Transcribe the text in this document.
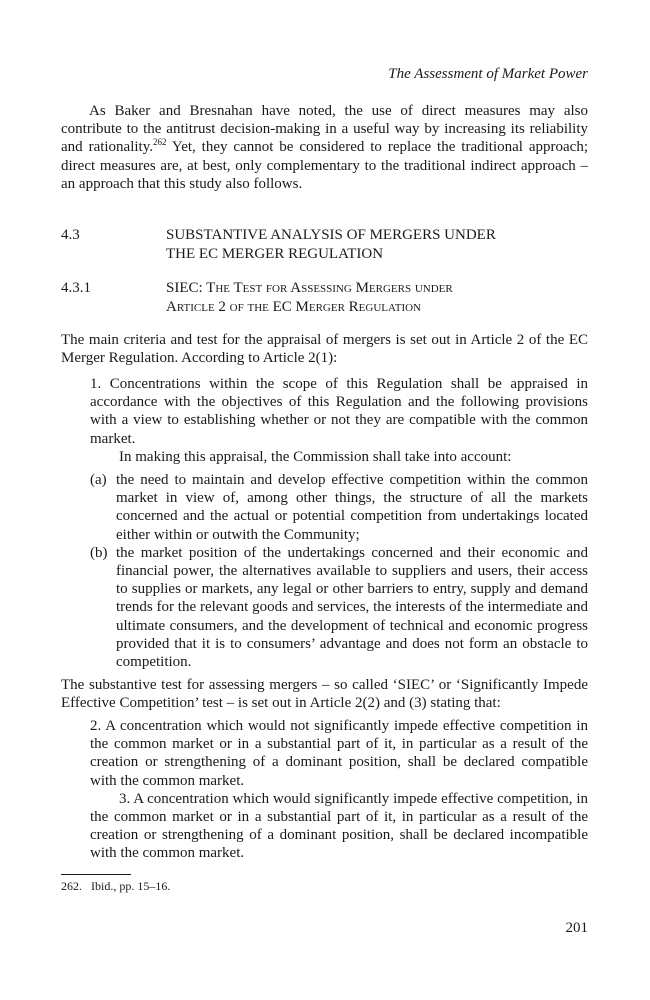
The Assessment of Market Power

As Baker and Bresnahan have noted, the use of direct measures may also contribute to the antitrust decision-making in a useful way by increasing its reliability and rationality.$^{262}$ Yet, they cannot be considered to replace the traditional approach; direct measures are, at best, only complementary to the traditional indirect approach – an approach that this study also follows.

4.3	SUBSTANTIVE ANALYSIS OF MERGERS UNDER
THE EC MERGER REGULATION
4.3.1	SIEC: The Test for Assessing Mergers under
Article 2 of the EC Merger Regulation

The main criteria and test for the appraisal of mergers is set out in Article 2 of the EC Merger Regulation. According to Article 2(1):

1. Concentrations within the scope of this Regulation shall be appraised in accordance with the objectives of this Regulation and the following provisions with a view to establishing whether or not they are compatible with the common market.

In making this appraisal, the Commission shall take into account:

(a) the need to maintain and develop effective competition within the common market in view of, among other things, the structure of all the markets concerned and the actual or potential competition from undertakings located either within or outwith the Community;
(b) the market position of the undertakings concerned and their economic and financial power, the alternatives available to suppliers and users, their access to supplies or markets, any legal or other barriers to entry, supply and demand trends for the relevant goods and services, the interests of the intermediate and ultimate consumers, and the development of technical and economic progress provided that it is to consumers’ advantage and does not form an obstacle to competition.

The substantive test for assessing mergers – so called ‘SIEC’ or ‘Significantly Impede Effective Competition’ test – is set out in Article 2(2) and (3) stating that:

2. A concentration which would not significantly impede effective competition in the common market or in a substantial part of it, in particular as a result of the creation or strengthening of a dominant position, shall be declared compatible with the common market.

3. A concentration which would significantly impede effective competition, in the common market or in a substantial part of it, in particular as a result of the creation or strengthening of a dominant position, shall be declared incompatible with the common market.

262.   Ibid., pp. 15–16.
201
